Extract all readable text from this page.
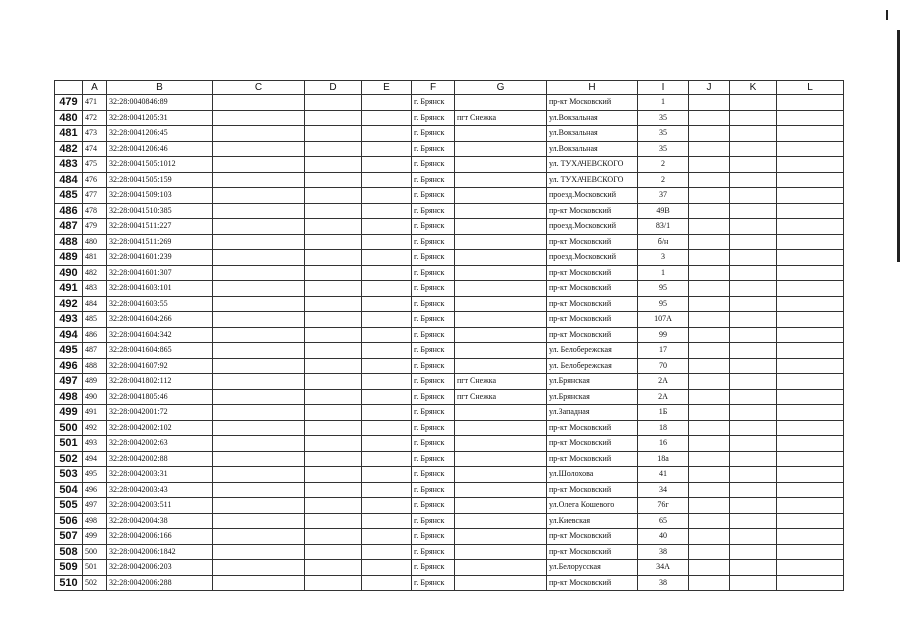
	A	B	C	D	E	F	G	H	I	J	K	L
479	471	32:28:0040846:89				г. Брянск		пр-кт Московский	1			
480	472	32:28:0041205:31				г. Брянск	пгт Снежка	ул.Вокзальная	35			
481	473	32:28:0041206:45				г. Брянск		ул.Вокзальная	35			
482	474	32:28:0041206:46				г. Брянск		ул.Вокзальная	35			
483	475	32:28:0041505:1012				г. Брянск		ул. ТУХАЧЕВСКОГО	2			
484	476	32:28:0041505:159				г. Брянск		ул. ТУХАЧЕВСКОГО	2			
485	477	32:28:0041509:103				г. Брянск		проезд.Московский	37			
486	478	32:28:0041510:385				г. Брянск		пр-кт Московский	49В			
487	479	32:28:0041511:227				г. Брянск		проезд.Московский	83/1			
488	480	32:28:0041511:269				г. Брянск		пр-кт Московский	б/н			
489	481	32:28:0041601:239				г. Брянск		проезд.Московский	3			
490	482	32:28:0041601:307				г. Брянск		пр-кт Московский	1			
491	483	32:28:0041603:101				г. Брянск		пр-кт Московский	95			
492	484	32:28:0041603:55				г. Брянск		пр-кт Московский	95			
493	485	32:28:0041604:266				г. Брянск		пр-кт Московский	107А			
494	486	32:28:0041604:342				г. Брянск		пр-кт Московский	99			
495	487	32:28:0041604:865				г. Брянск		ул. Белобережская	17			
496	488	32:28:0041607:92				г. Брянск		ул. Белобережская	70			
497	489	32:28:0041802:112				г. Брянск	пгт Снежка	ул.Брянская	2А			
498	490	32:28:0041805:46				г. Брянск	пгт Снежка	ул.Брянская	2А			
499	491	32:28:0042001:72				г. Брянск		ул.Западная	1Б			
500	492	32:28:0042002:102				г. Брянск		пр-кт Московский	18			
501	493	32:28:0042002:63				г. Брянск		пр-кт Московский	16			
502	494	32:28:0042002:88				г. Брянск		пр-кт Московский	18а			
503	495	32:28:0042003:31				г. Брянск		ул.Шолохова	41			
504	496	32:28:0042003:43				г. Брянск		пр-кт Московский	34			
505	497	32:28:0042003:511				г. Брянск		ул.Олега Кошевого	76г			
506	498	32:28:0042004:38				г. Брянск		ул.Киевская	65			
507	499	32:28:0042006:166				г. Брянск		пр-кт Московский	40			
508	500	32:28:0042006:1842				г. Брянск		пр-кт Московский	38			
509	501	32:28:0042006:203				г. Брянск		ул.Белорусская	34А			
510	502	32:28:0042006:288				г. Брянск		пр-кт Московский	38			
